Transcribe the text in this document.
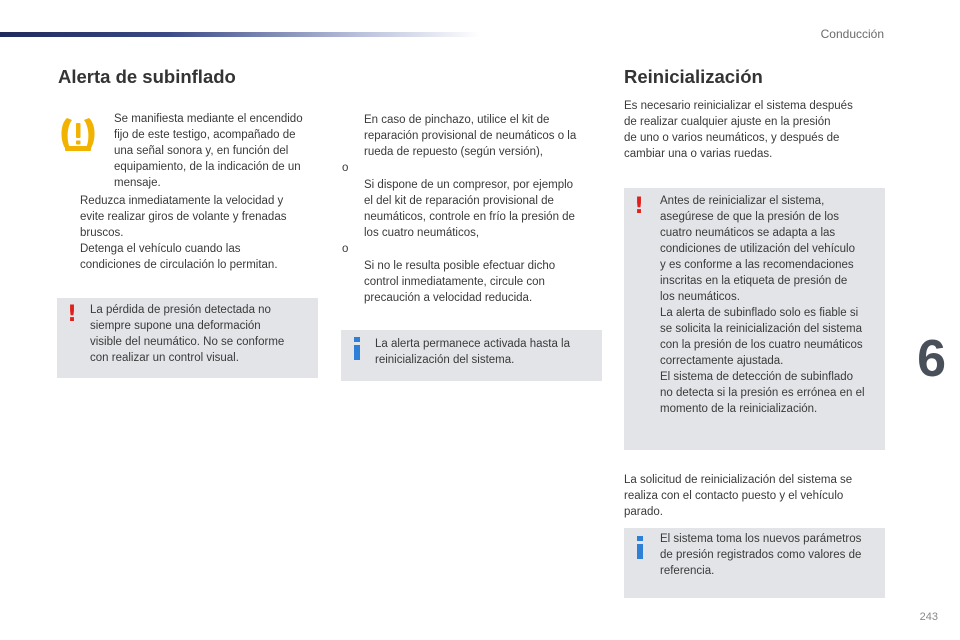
Conducción
6
243
Alerta de subinflado
Se manifiesta mediante el encendido
fijo de este testigo, acompañado de
una señal sonora y, en función del
equipamiento, de la indicación de un
mensaje.
Reduzca inmediatamente la velocidad y
evite realizar giros de volante y frenadas
bruscos.
Detenga el vehículo cuando las
condiciones de circulación lo permitan.
! La pérdida de presión detectada no
siempre supone una deformación
visible del neumático. No se conforme
con realizar un control visual.
En caso de pinchazo, utilice el kit de
reparación provisional de neumáticos o la
rueda de repuesto (según versión),
o
Si dispone de un compresor, por ejemplo
el del kit de reparación provisional de
neumáticos, controle en frío la presión de
los cuatro neumáticos,
o
Si no le resulta posible efectuar dicho
control inmediatamente, circule con
precaución a velocidad reducida.
La alerta permanece activada hasta la
reinicialización del sistema.
Reinicialización
Es necesario reinicializar el sistema después
de realizar cualquier ajuste en la presión
de uno o varios neumáticos, y después de
cambiar una o varias ruedas.
! Antes de reinicializar el sistema,
asegúrese de que la presión de los
cuatro neumáticos se adapta a las
condiciones de utilización del vehículo
y es conforme a las recomendaciones
inscritas en la etiqueta de presión de
los neumáticos.
La alerta de subinflado solo es fiable si
se solicita la reinicialización del sistema
con la presión de los cuatro neumáticos
correctamente ajustada.
El sistema de detección de subinflado
no detecta si la presión es errónea en el
momento de la reinicialización.
La solicitud de reinicialización del sistema se
realiza con el contacto puesto y el vehículo
parado.
El sistema toma los nuevos parámetros
de presión registrados como valores de
referencia.
